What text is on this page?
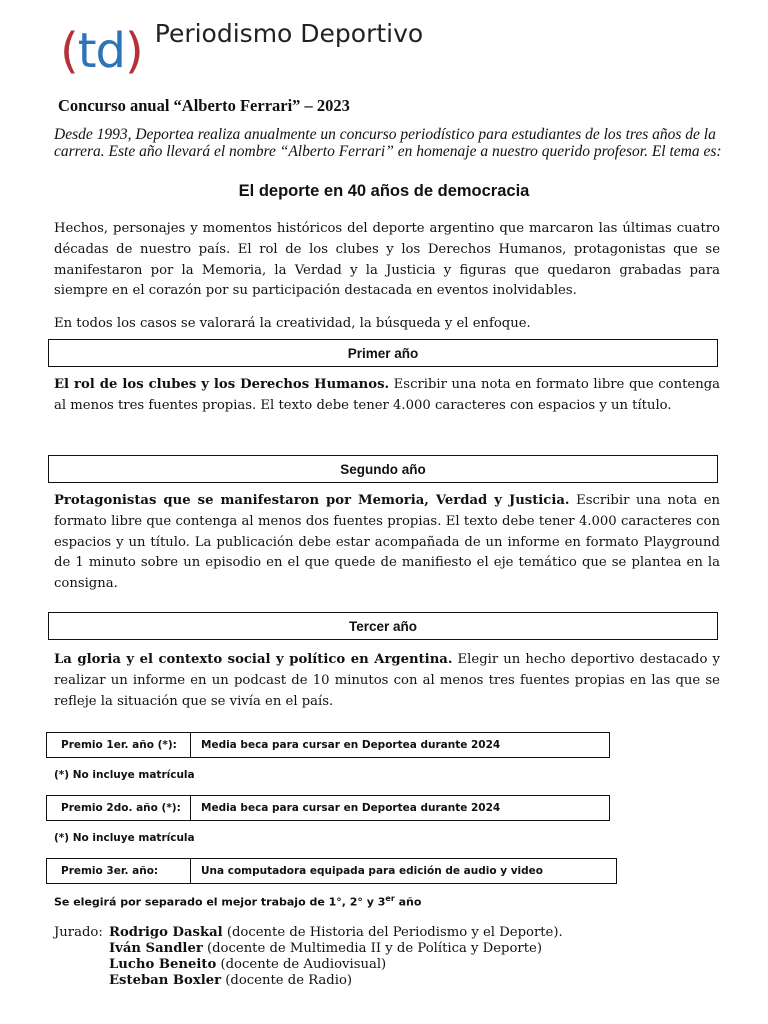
(td) Periodismo Deportivo
Concurso anual “Alberto Ferrari” – 2023
Desde 1993, Deportea realiza anualmente un concurso periodístico para estudiantes de los tres años de la carrera. Este año llevará el nombre “Alberto Ferrari” en homenaje a nuestro querido profesor. El tema es:
El deporte en 40 años de democracia
Hechos, personajes y momentos históricos del deporte argentino que marcaron las últimas cuatro décadas de nuestro país. El rol de los clubes y los Derechos Humanos, protagonistas que se manifestaron por la Memoria, la Verdad y la Justicia y figuras que quedaron grabadas para siempre en el corazón por su participación destacada en eventos inolvidables.
En todos los casos se valorará la creatividad, la búsqueda y el enfoque.
Primer año
El rol de los clubes y los Derechos Humanos. Escribir una nota en formato libre que contenga al menos tres fuentes propias. El texto debe tener 4.000 caracteres con espacios y un título.
Segundo año
Protagonistas que se manifestaron por Memoria, Verdad y Justicia. Escribir una nota en formato libre que contenga al menos dos fuentes propias. El texto debe tener 4.000 caracteres con espacios y un título. La publicación debe estar acompañada de un informe en formato Playground de 1 minuto sobre un episodio en el que quede de manifiesto el eje temático que se plantea en la consigna.
Tercer año
La gloria y el contexto social y político en Argentina. Elegir un hecho deportivo destacado y realizar un informe en un podcast de 10 minutos con al menos tres fuentes propias en las que se refleje la situación que se vivía en el país.
Premio 1er. año (*):	Media beca para cursar en Deportea durante 2024
(*) No incluye matrícula
Premio 2do. año (*):	Media beca para cursar en Deportea durante 2024
(*) No incluye matrícula
Premio 3er. año:	Una computadora equipada para edición de audio y video
Se elegirá por separado el mejor trabajo de 1°, 2° y 3er año
Jurado: Rodrigo Daskal (docente de Historia del Periodismo y el Deporte).
Iván Sandler (docente de Multimedia II y de Política y Deporte)
Lucho Beneito (docente de Audiovisual)
Esteban Boxler (docente de Radio)
